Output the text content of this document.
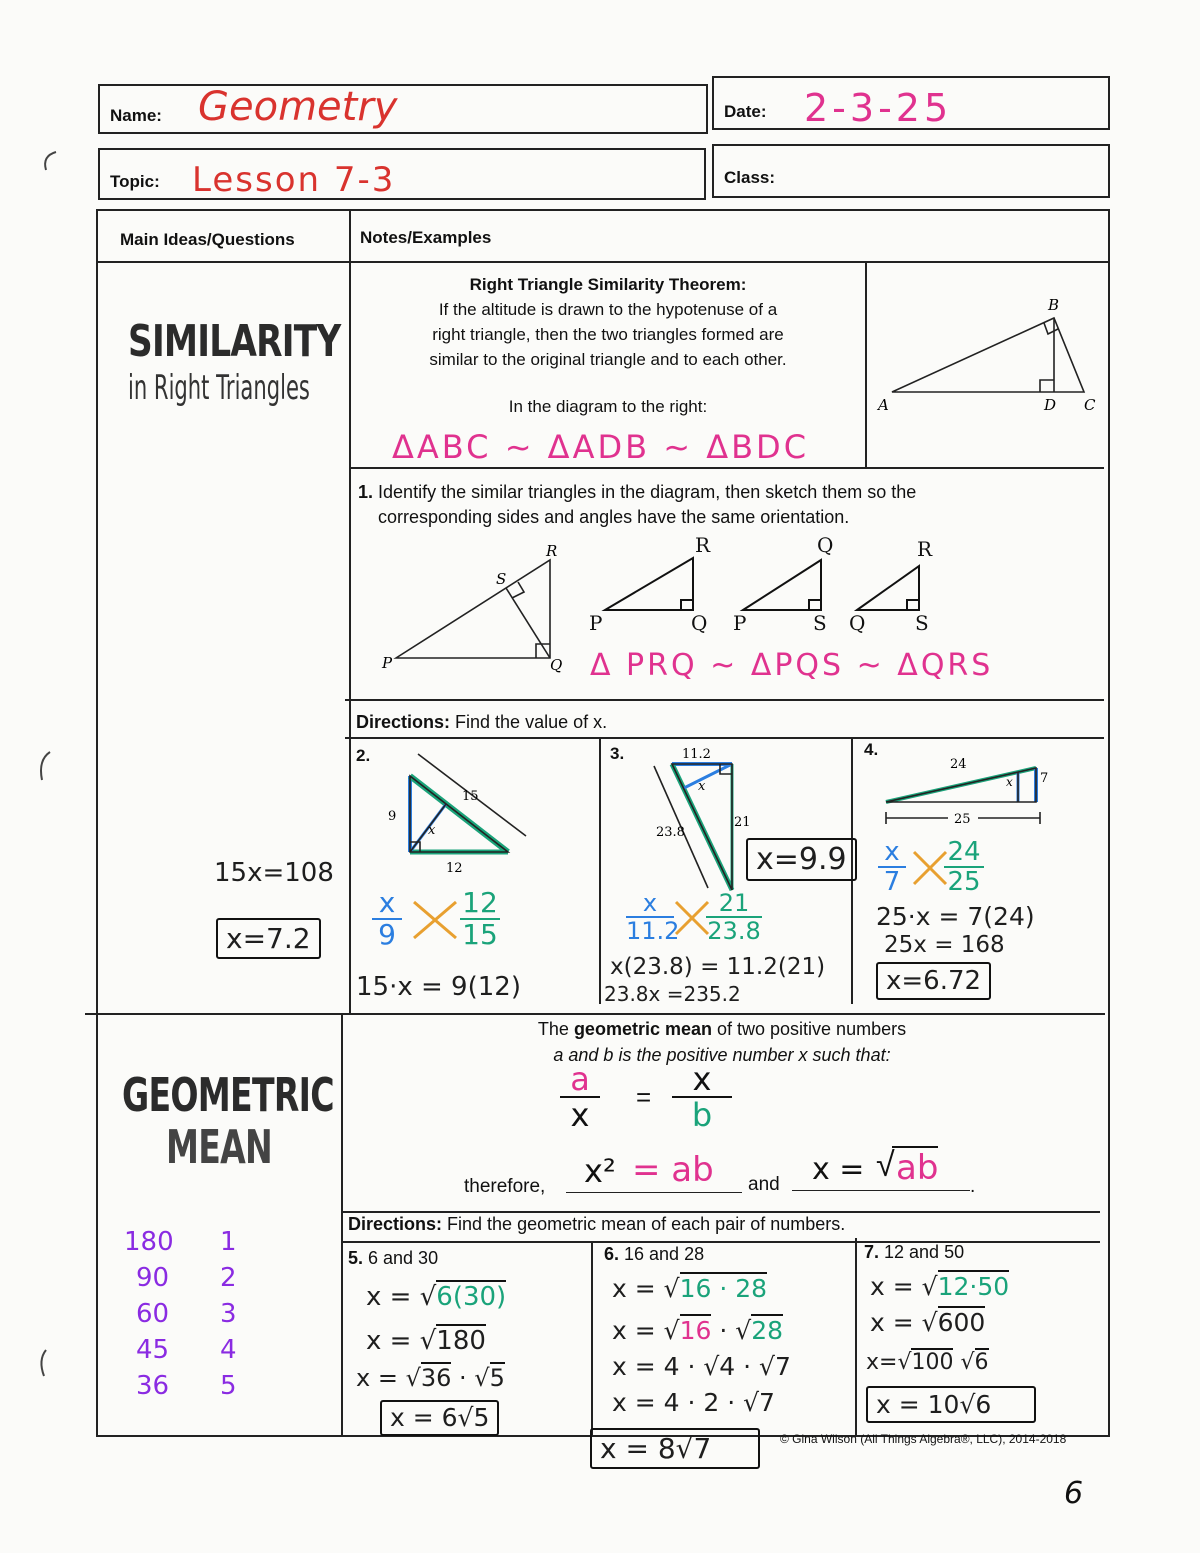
Name: Geometry	Date: 2-3-25
Topic: Lesson 7-3	Class:
Main Ideas/Questions	Notes/Examples
SIMILARITY
in Right Triangles
Right Triangle Similarity Theorem:
If the altitude is drawn to the hypotenuse of a
right triangle, then the two triangles formed are
similar to the original triangle and to each other.
In the diagram to the right:
ΔABC ~ ΔADB ~ ΔBDC
A
B
C
D
1. Identify the similar triangles in the diagram, then sketch them so the
corresponding sides and angles have the same orientation.
P
R
S
Q
P
R
Q P
Q
S Q
R
S
Δ PRQ ~ ΔPQS ~ ΔQRS
Directions: Find the value of x.
2.
9
15
12
x
$\frac{x}{9} \frac{12}{15}$
15·x = 9(12)
15x=108
x=7.2
3.	11.2
21
23.8
x
x=9.9
$\frac{x}{11.2} \frac{21}{23.8}$
x(23.8) = 11.2(21)
23.8x =235.2
4.
24
7
25
x
$\frac{x}{7} \frac{24}{25}$
25·x = 7(24)
25x = 168
x=6.72
GEOMETRIC
MEAN
The geometric mean of two positive numbers
a and b is the positive number x such that:
a
x	=	x
b
therefore, x² = ab and x = ab
√
.
180	1
90	2
60	3
45	4
36	5
Directions: Find the geometric mean of each pair of numbers.
5. 6 and 30
x = √6(30)
x = √180
x = √36 · √5
x = 6√5
6. 16 and 28
x = √16 · 28
x = √16 · √28
x = 4 · √4 · √7
x = 4 · 2 · √7
x = 8√7
7. 12 and 50
x = √12·50
x = √600
x=√100 √6
x = 10√6
© Gina Wilson (All Things Algebra®, LLC), 2014-2018
6
